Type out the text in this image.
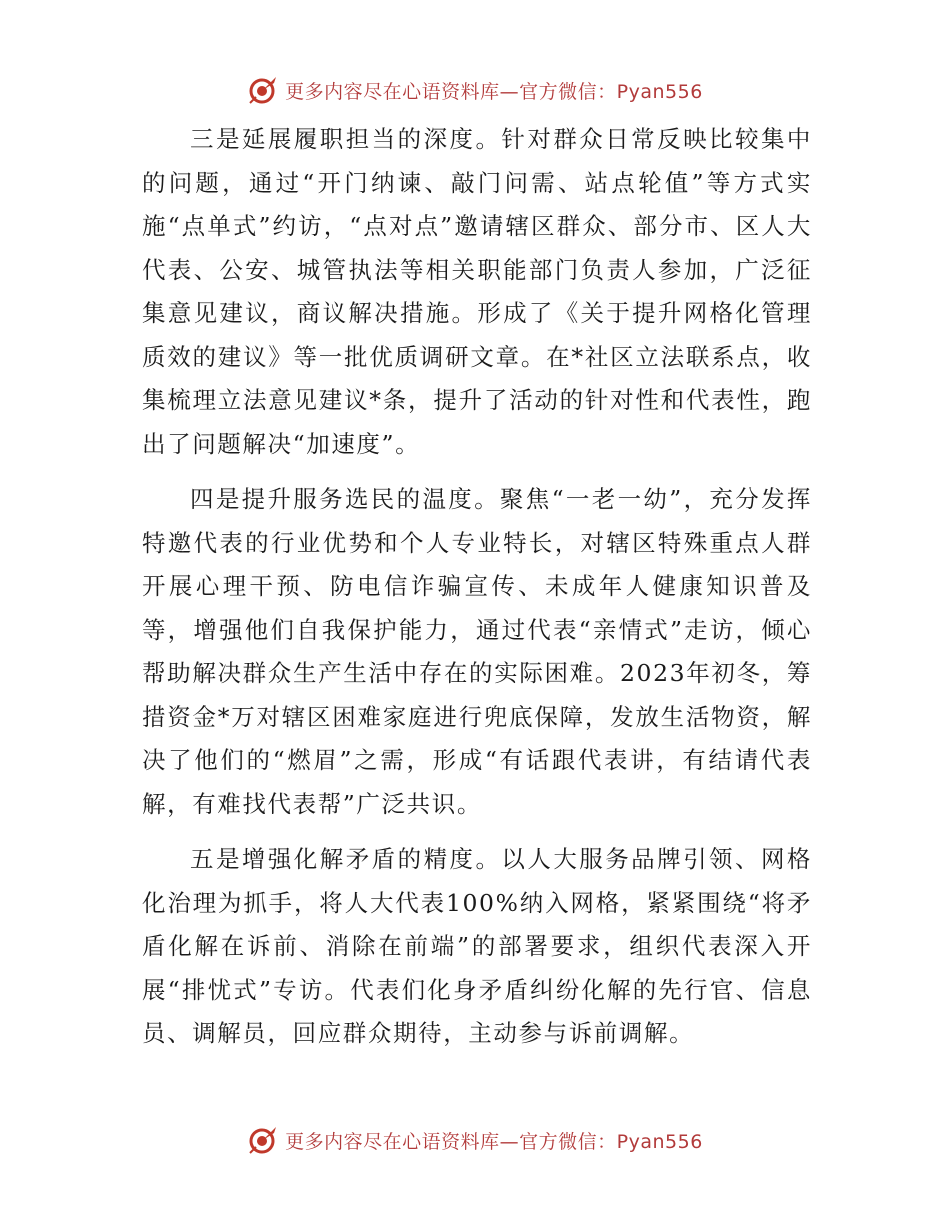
更多内容尽在心语资料库—官方微信：Pyan556

三是延展履职担当的深度。针对群众日常反映比较集中的问题，通过“开门纳谏、敲门问需、站点轮值”等方式实施“点单式”约访，“点对点”邀请辖区群众、部分市、区人大代表、公安、城管执法等相关职能部门负责人参加，广泛征集意见建议，商议解决措施。形成了《关于提升网格化管理质效的建议》等一批优质调研文章。在*社区立法联系点，收集梳理立法意见建议*条，提升了活动的针对性和代表性，跑出了问题解决“加速度”。

四是提升服务选民的温度。聚焦“一老一幼”，充分发挥特邀代表的行业优势和个人专业特长，对辖区特殊重点人群开展心理干预、防电信诈骗宣传、未成年人健康知识普及等，增强他们自我保护能力，通过代表“亲情式”走访，倾心帮助解决群众生产生活中存在的实际困难。2023年初冬，筹措资金*万对辖区困难家庭进行兜底保障，发放生活物资，解决了他们的“燃眉”之需，形成“有话跟代表讲，有结请代表解，有难找代表帮”广泛共识。

五是增强化解矛盾的精度。以人大服务品牌引领、网格化治理为抓手，将人大代表100%纳入网格，紧紧围绕“将矛盾化解在诉前、消除在前端”的部署要求，组织代表深入开展“排忧式”专访。代表们化身矛盾纠纷化解的先行官、信息员、调解员，回应群众期待，主动参与诉前调解。

更多内容尽在心语资料库—官方微信：Pyan556
